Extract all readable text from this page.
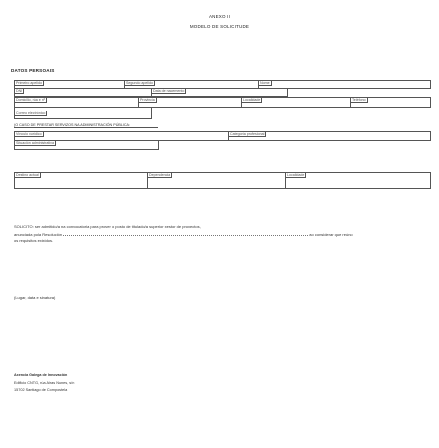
ANEXO II
MODELO DE SOLICITUDE
DATOS PERSOAIS
Primeiro apelido	Segundo apelido	Nome
DNI	Data de nacemento
Domicilio, rúa e nº	Provincia	Localidade	Teléfono
Correo electrónico
(O CASO DE PRESTAR SERVIZOS NA ADMINISTRACIÓN PÚBLICA:
Vínculo xurídico	Categoría profesional
Situación administrativa
Destino actual	Dependencia	Localidade
SOLICITO: ser admitido/a na convocatoria para prover o posto de titulado/a superior xestor de proxectos,
anunciada pola Resolución	ao considerar que reúno
os requisitos exixidos.
(Lugar, data e sinatura)
Axencia Galega de Innovación
Edificio CNTG, rúa Airas Nunes, s/n
15702 Santiago de Compostela
